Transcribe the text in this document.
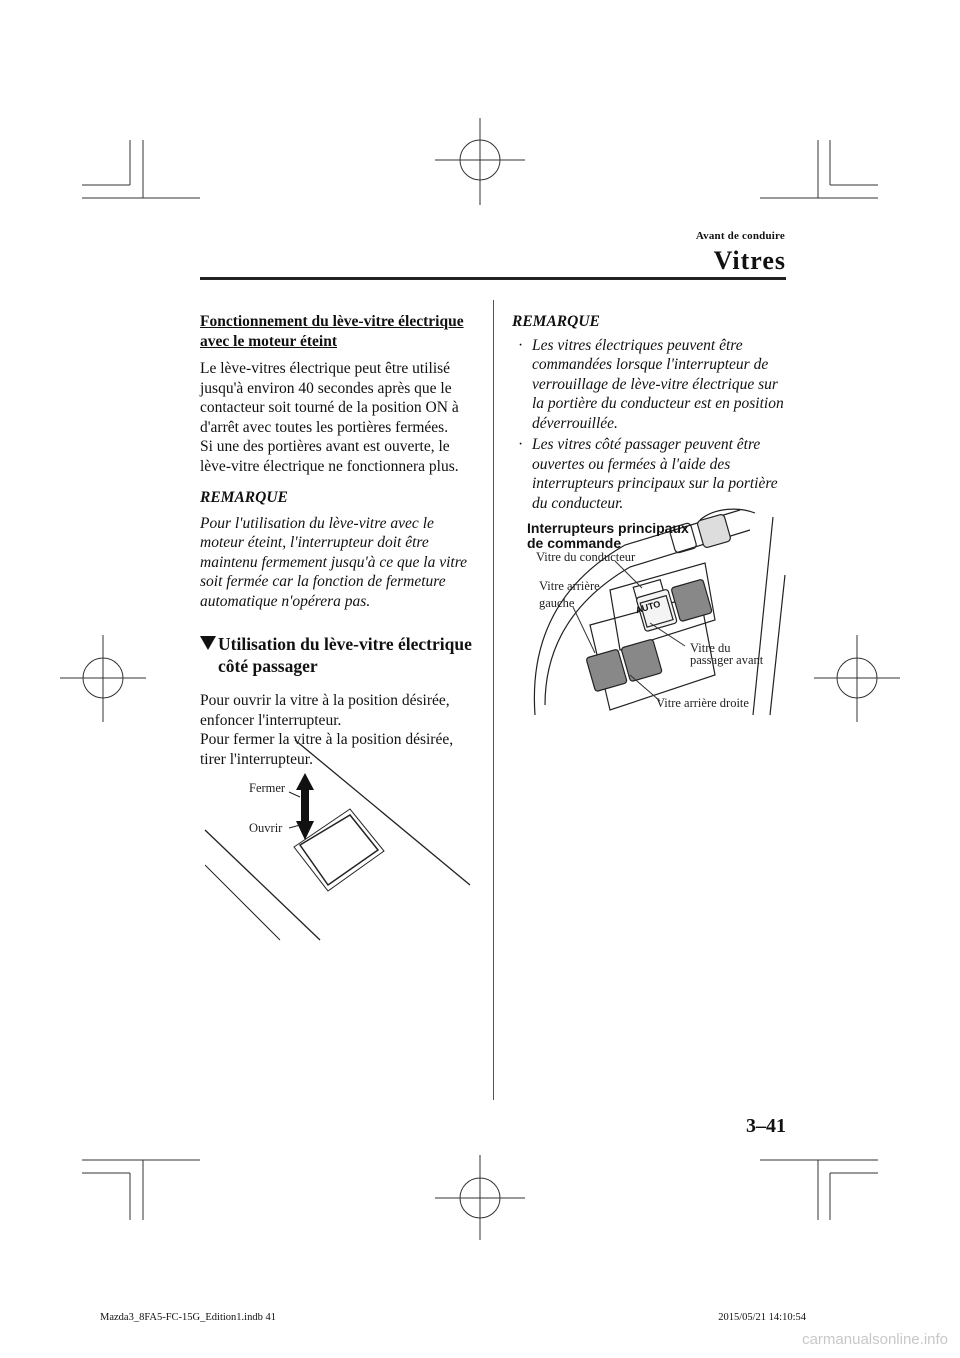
Avant de conduire
Vitres

Fonctionnement du lève-vitre électrique avec le moteur éteint

Le lève-vitres électrique peut être utilisé jusqu'à environ 40 secondes après que le contacteur soit tourné de la position ON à d'arrêt avec toutes les portières fermées.

Si une des portières avant est ouverte, le lève-vitre électrique ne fonctionnera plus.

REMARQUE

Pour l'utilisation du lève-vitre avec le moteur éteint, l'interrupteur doit être maintenu fermement jusqu'à ce que la vitre soit fermée car la fonction de fermeture automatique n'opérera pas.

Utilisation du lève-vitre électrique côté passager

Pour ouvrir la vitre à la position désirée, enfoncer l'interrupteur.

Pour fermer la vitre à la position désirée, tirer l'interrupteur.

Fermer
Ouvrir

REMARQUE

· Les vitres électriques peuvent être commandées lorsque l'interrupteur de verrouillage de lève-vitre électrique sur la portière du conducteur est en position déverrouillée.
· Les vitres côté passager peuvent être ouvertes ou fermées à l'aide des interrupteurs principaux sur la portière du conducteur.
AUTO
Interrupteurs principaux
de commande
Vitre du conducteur
Vitre arrière
gauche
Vitre du
passager avant
Vitre arrière droite
3–41
Mazda3_8FA5-FC-15G_Edition1.indb 41	2015/05/21 14:10:54
carmanualsonline.info
